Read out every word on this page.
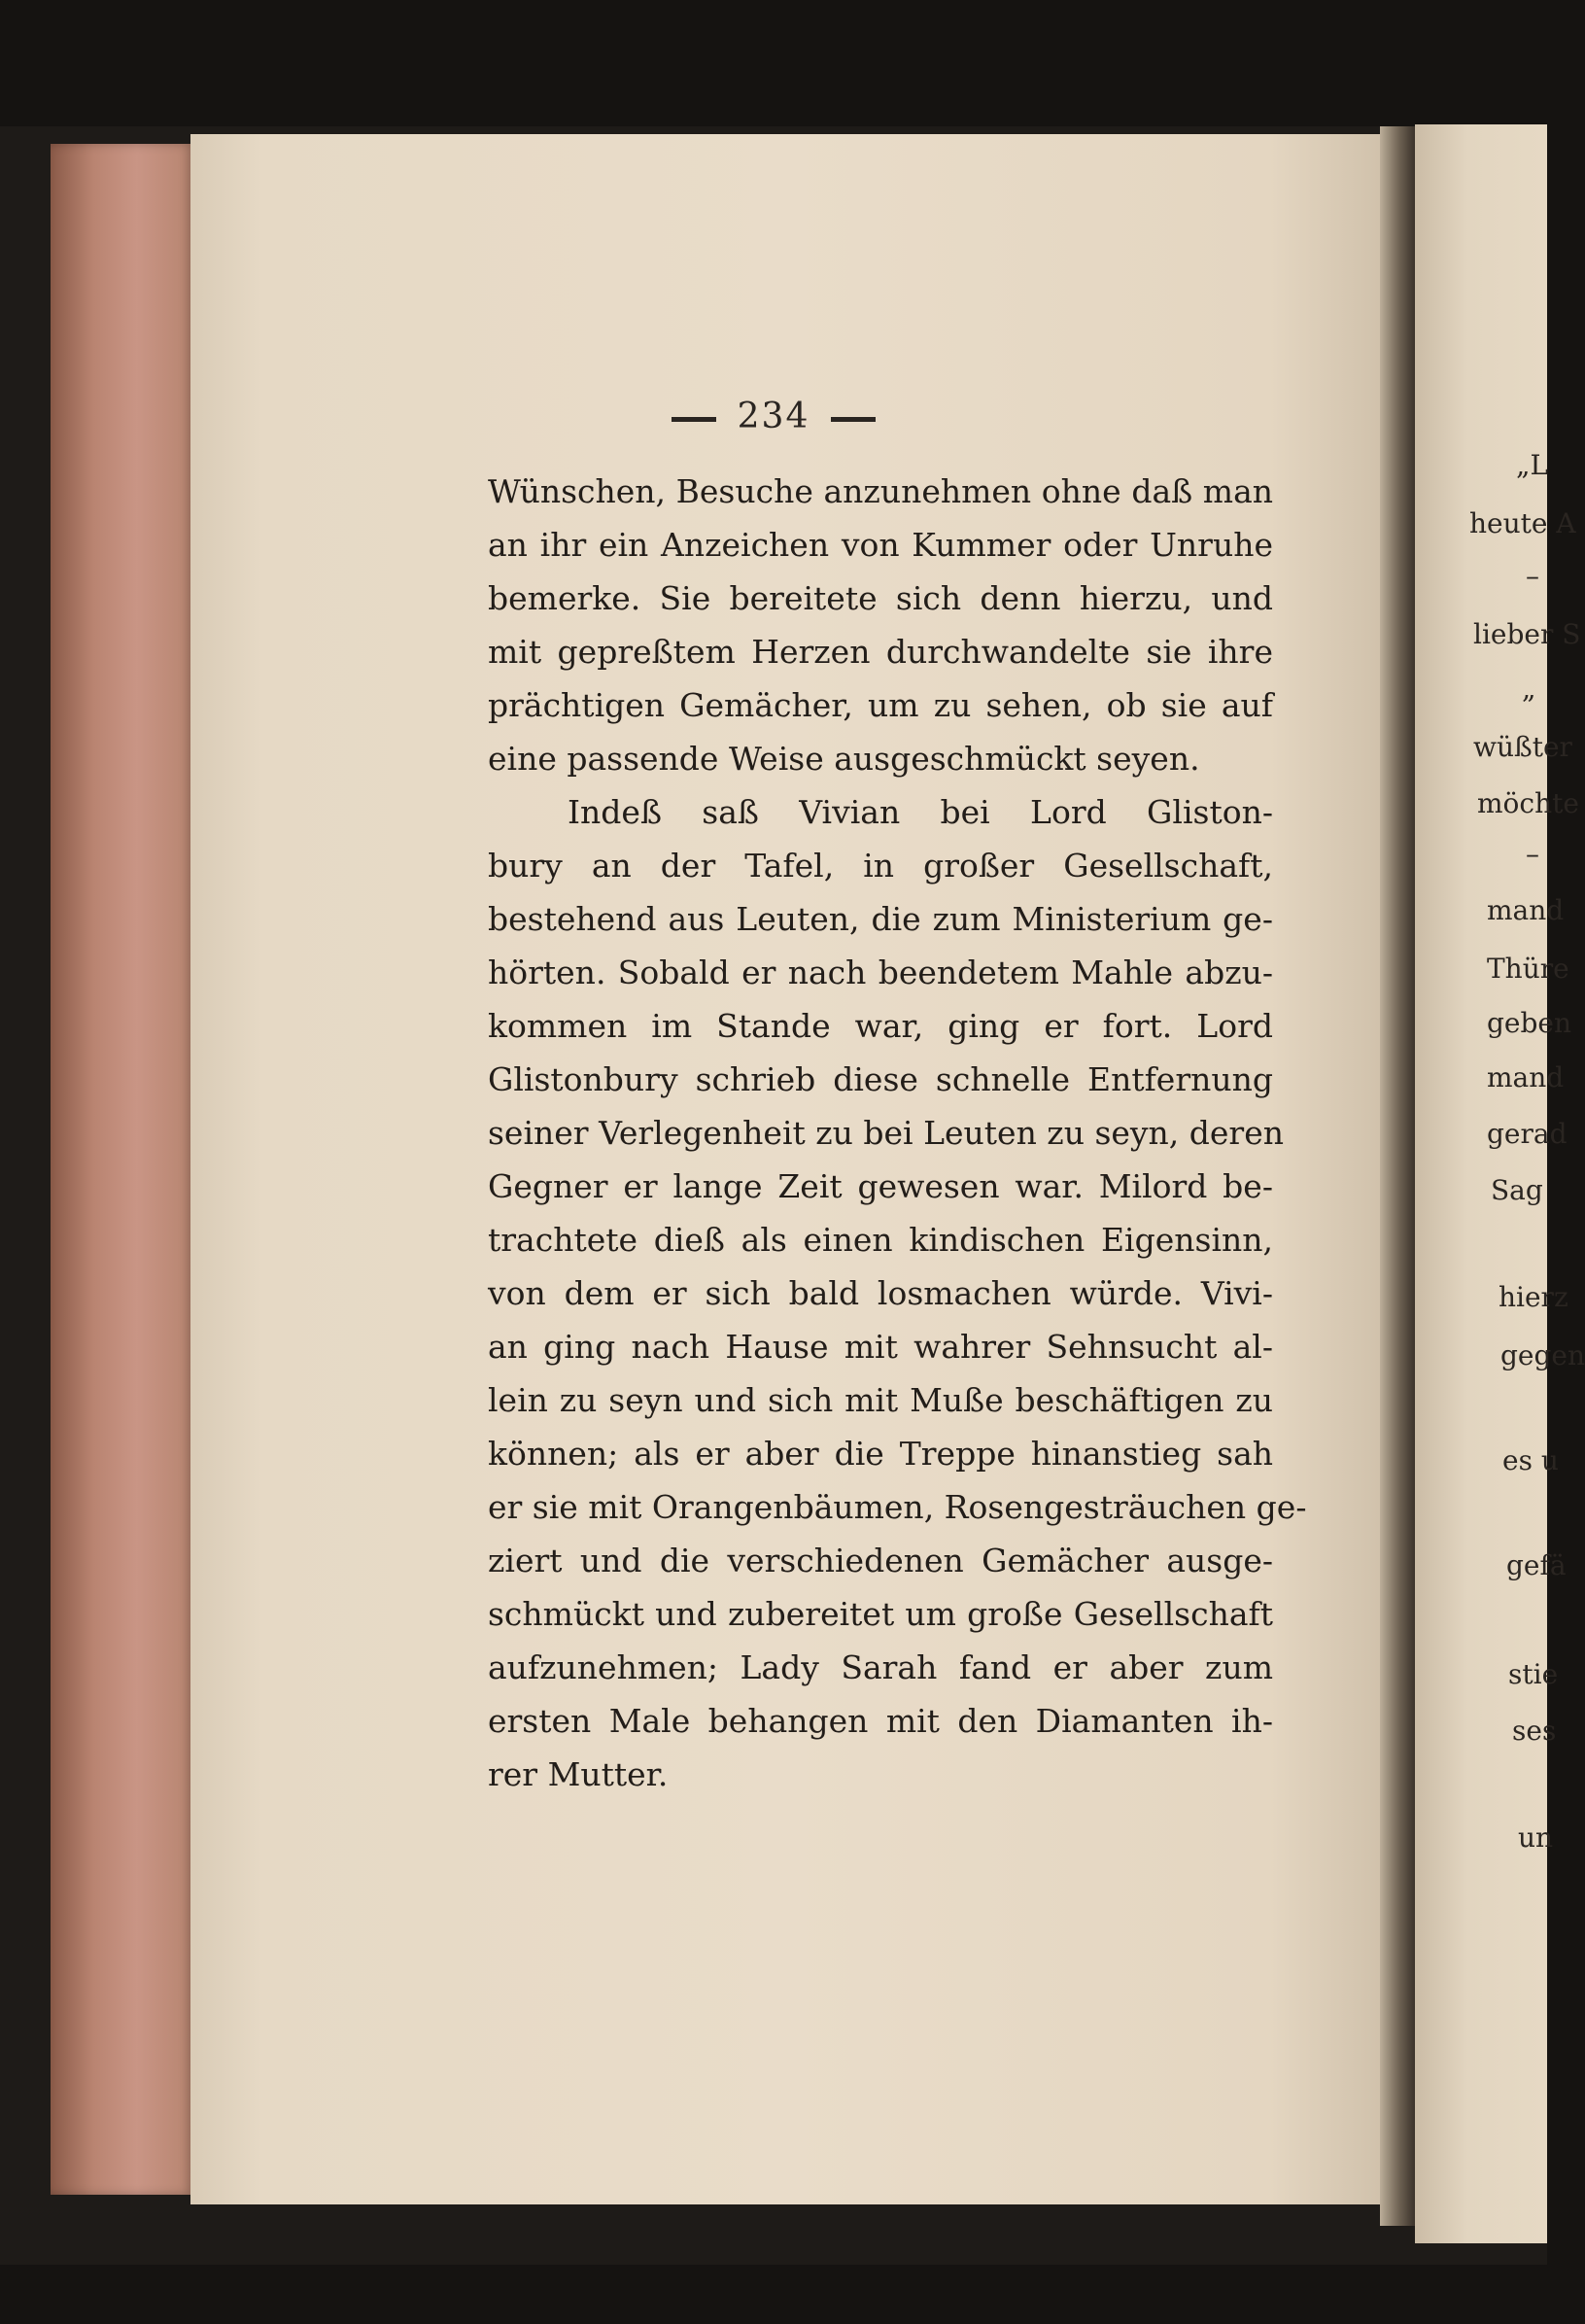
234
Wünschen, Besuche anzunehmen ohne daß man
an ihr ein Anzeichen von Kummer oder Unruhe
bemerke. Sie bereitete sich denn hierzu, und
mit gepreßtem Herzen durchwandelte sie ihre
prächtigen Gemächer, um zu sehen, ob sie auf
eine passende Weise ausgeschmückt seyen.
Indeß saß Vivian bei Lord Gliston-
bury an der Tafel, in großer Gesellschaft,
bestehend aus Leuten, die zum Ministerium ge-
hörten. Sobald er nach beendetem Mahle abzu-
kommen im Stande war, ging er fort. Lord
Glistonbury schrieb diese schnelle Entfernung
seiner Verlegenheit zu bei Leuten zu seyn, deren
Gegner er lange Zeit gewesen war. Milord be-
trachtete dieß als einen kindischen Eigensinn,
von dem er sich bald losmachen würde. Vivi-
an ging nach Hause mit wahrer Sehnsucht al-
lein zu seyn und sich mit Muße beschäftigen zu
können; als er aber die Treppe hinanstieg sah
er sie mit Orangenbäumen, Rosengesträuchen ge-
ziert und die verschiedenen Gemächer ausge-
schmückt und zubereitet um große Gesellschaft
aufzunehmen; Lady Sarah fand er aber zum
ersten Male behangen mit den Diamanten ih-
rer Mutter.
„L
heute A
–
lieber S
„
wüßter
möchte
–
mand
Thüre
geben
mand
gerad
Sag
hierz
gegen
es u
gefä
stie
ses
un
